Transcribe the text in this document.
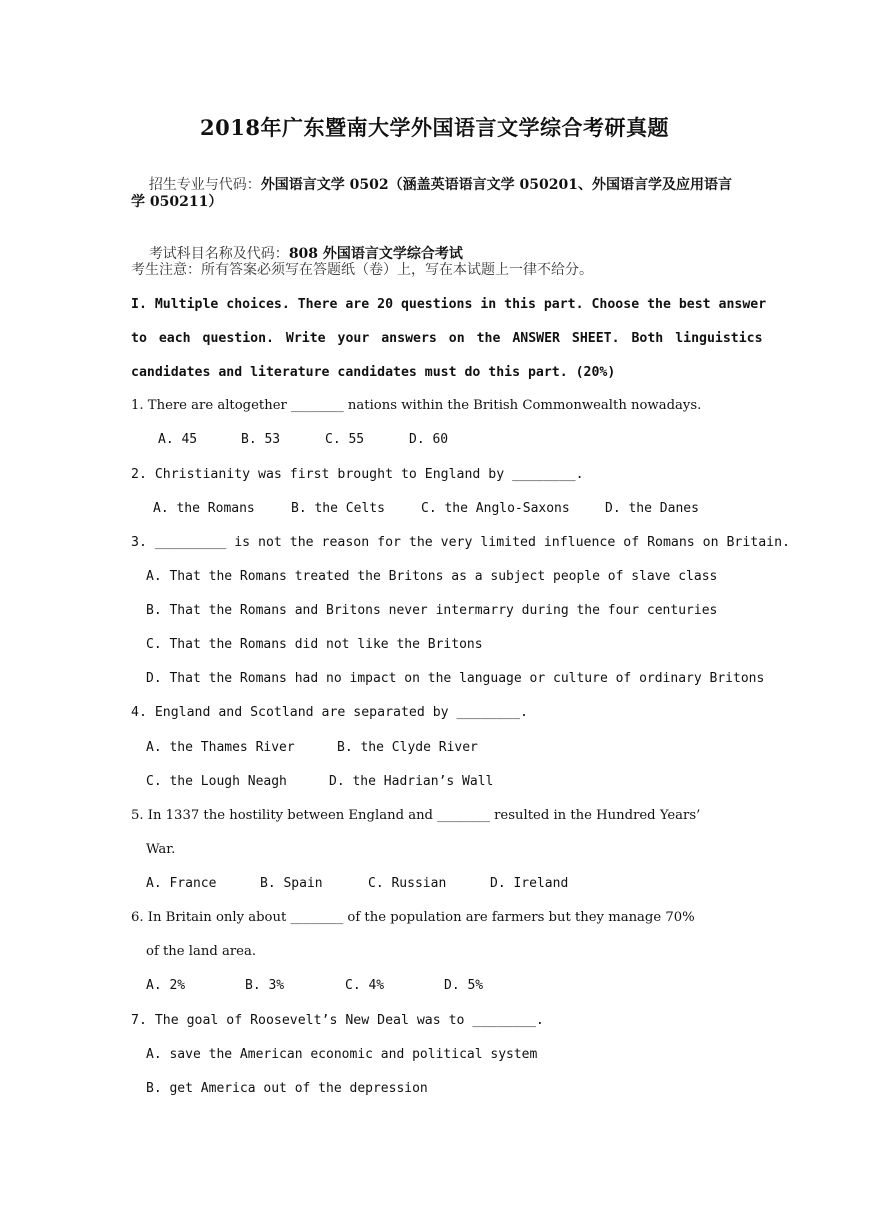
2018年广东暨南大学外国语言文学综合考研真题

招生专业与代码：外国语言文学 0502（涵盖英语语言文学 050201、外国语言学及应用语言

学 050211）

考试科目名称及代码：808 外国语言文学综合考试

考生注意：所有答案必须写在答题纸（卷）上，写在本试题上一律不给分。
I. Multiple choices. There are 20 questions in this part. Choose the best answer
to each question. Write your answers on the ANSWER SHEET. Both linguistics
candidates and literature candidates must do this part. (20%)
1. There are altogether ________ nations within the British Commonwealth nowadays.
A. 45	B. 53	C. 55	D. 60
2. Christianity was first brought to England by ________.
A. the Romans	B. the Celts	C. the Anglo-Saxons	D. the Danes
3. _________ is not the reason for the very limited influence of Romans on Britain.
A. That the Romans treated the Britons as a subject people of slave class
B. That the Romans and Britons never intermarry during the four centuries
C. That the Romans did not like the Britons
D. That the Romans had no impact on the language or culture of ordinary Britons
4. England and Scotland are separated by ________.
A. the Thames River	B. the Clyde River
C. the Lough Neagh	D. the Hadrian’s Wall
5. In 1337 the hostility between England and ________ resulted in the Hundred Years’
War.
A. France	B. Spain	C. Russian	D. Ireland
6. In Britain only about ________ of the population are farmers but they manage 70%
of the land area.
A. 2%	B. 3%	C. 4%	D. 5%
7. The goal of Roosevelt’s New Deal was to ________.
A. save the American economic and political system
B. get America out of the depression
